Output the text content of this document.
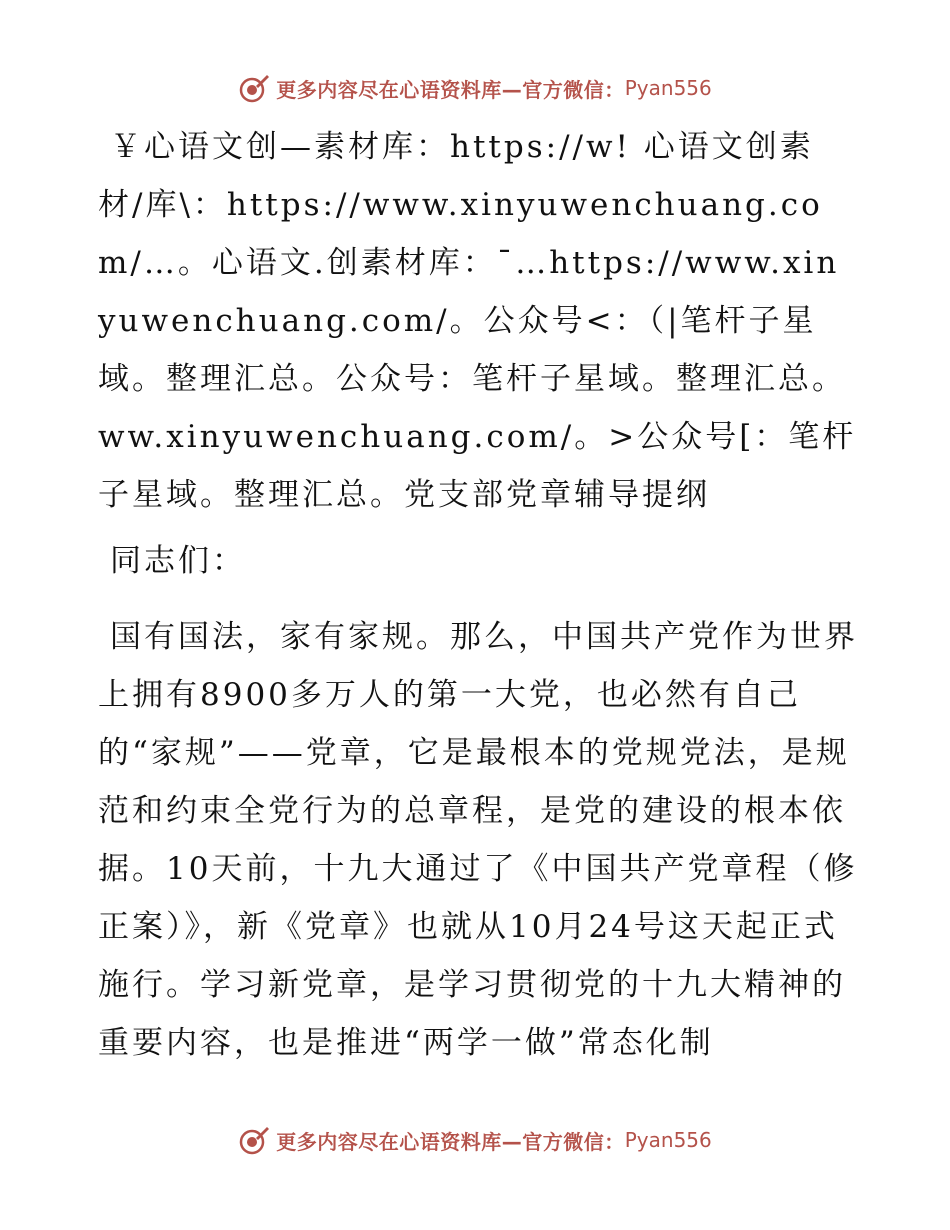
更多内容尽在心语资料库—官方微信： Pyan556

￥心语文创—素材库：https://w! 心语文创素材/库\：https://www.xinyuwenchuang.com/…。心语文.创素材库：¯…https://www.xinyuwenchuang.com/。公众号<：（|笔杆子星域。整理汇总。公众号：笔杆子星域。整理汇总。ww.xinyuwenchuang.com/。>公众号[：笔杆子星域。整理汇总。党支部党章辅导提纲

同志们：

国有国法，家有家规。那么，中国共产党作为世界上拥有8900多万人的第一大党，也必然有自己的“家规”——党章，它是最根本的党规党法，是规范和约束全党行为的总章程，是党的建设的根本依据。10天前，十九大通过了《中国共产党章程（修正案）》，新《党章》也就从10月24号这天起正式施行。学习新党章，是学习贯彻党的十九大精神的重要内容，也是推进“两学一做”常态化制

更多内容尽在心语资料库—官方微信： Pyan556
